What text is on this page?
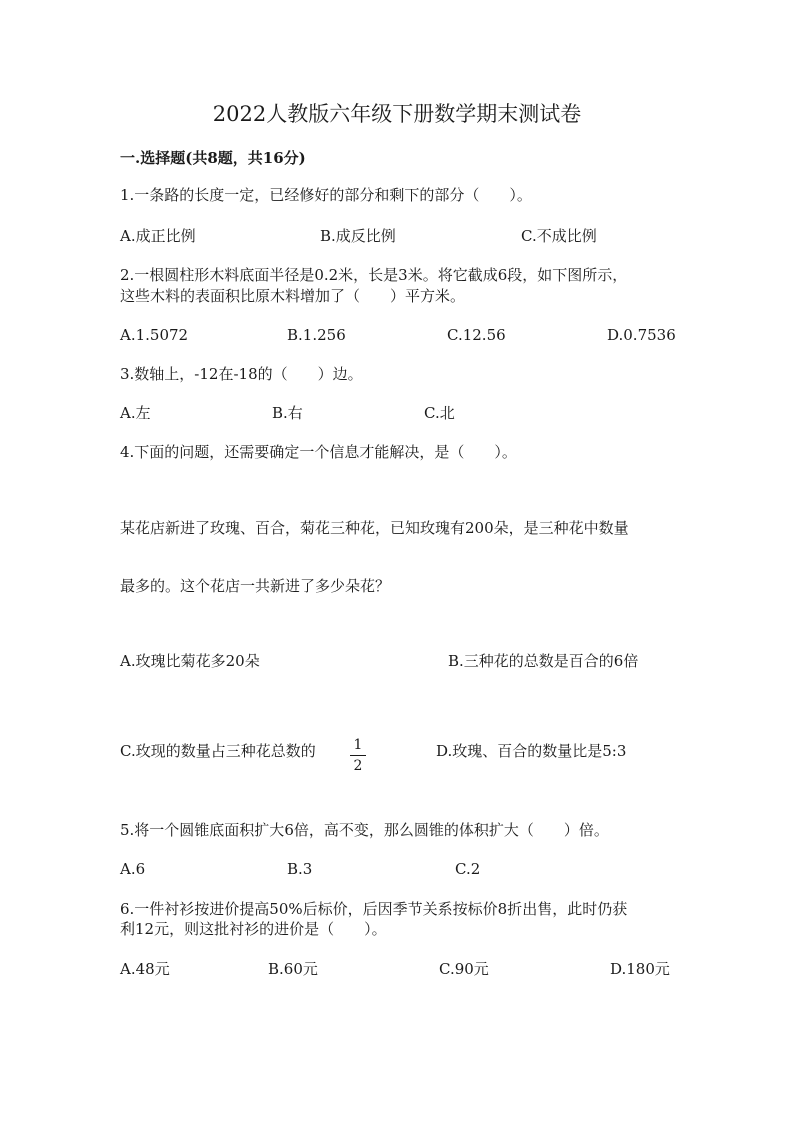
2022人教版六年级下册数学期末测试卷
一.选择题(共8题，共16分)
1.一条路的长度一定，已经修好的部分和剩下的部分（　　）。
A.成正比例	B.成反比例	C.不成比例
2.一根圆柱形木料底面半径是0.2米，长是3米。将它截成6段，如下图所示，
这些木料的表面积比原木料增加了（　　）平方米。
A.1.5072	B.1.256	C.12.56	D.0.7536
3.数轴上，-12在-18的（　　）边。
A.左	B.右	C.北
4.下面的问题，还需要确定一个信息才能解决，是（　　）。
某花店新进了玫瑰、百合，菊花三种花，已知玫瑰有200朵，是三种花中数量
最多的。这个花店一共新进了多少朵花？
A.玫瑰比菊花多20朵	B.三种花的总数是百合的6倍
C.玫现的数量占三种花总数的	1
2
D.玫瑰、百合的数量比是5:3
5.将一个圆锥底面积扩大6倍，高不变，那么圆锥的体积扩大（　　）倍。
A.6	B.3	C.2
6.一件衬衫按进价提高50%后标价，后因季节关系按标价8折出售，此时仍获
利12元，则这批衬衫的进价是（　　）。
A.48元	B.60元	C.90元	D.180元
